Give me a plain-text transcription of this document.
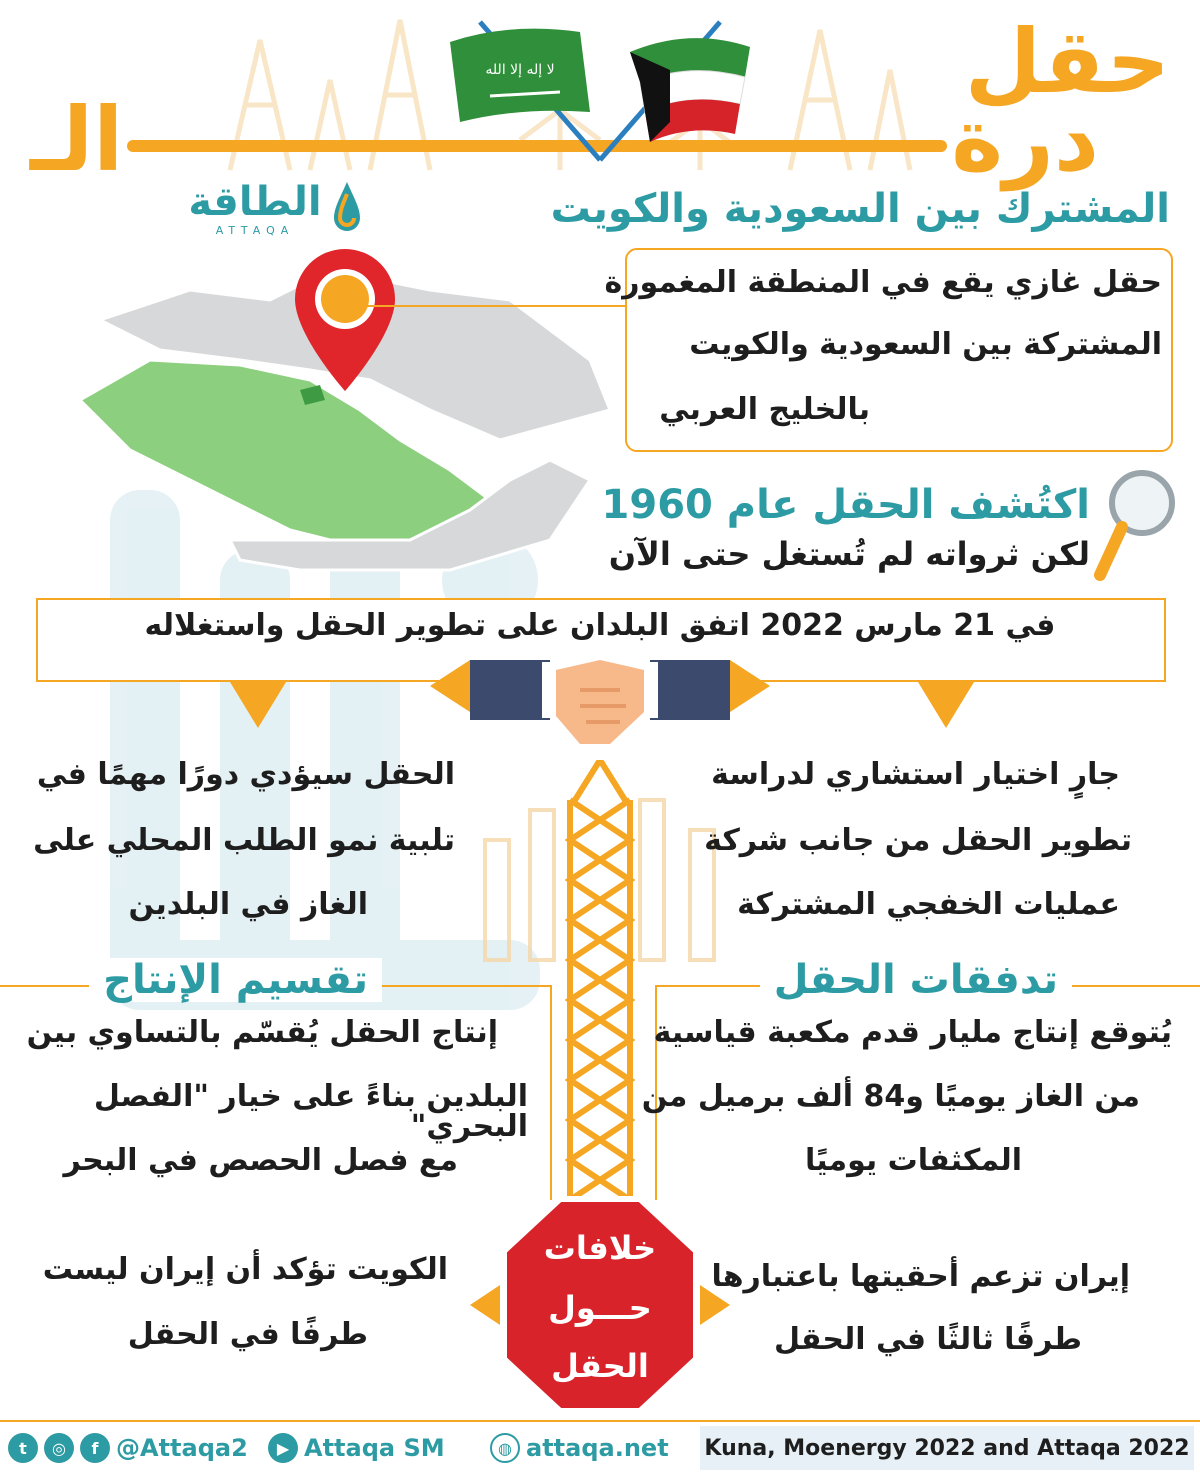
حقل
درةالـ
المشترك بين السعودية والكويت
الطاقة
ATTAQA
ﻻ إله إلا الله
حقل غازي يقع في المنطقة المغمورة
المشتركة بين السعودية والكويت
بالخليج العربي
اكتُشف الحقل عام 1960
لكن ثرواته لم تُستغل حتى الآن
في 21 مارس 2022 اتفق البلدان على تطوير الحقل واستغلاله
الحقل سيؤدي دورًا مهمًا في
تلبية نمو الطلب المحلي على
الغاز في البلدين
جارٍ اختيار استشاري لدراسة
تطوير الحقل من جانب شركة
عمليات الخفجي المشتركة
تقسيم الإنتاج
إنتاج الحقل يُقسّم بالتساوي بين
البلدين بناءً على خيار "الفصل البحري"
مع فصل الحصص في البحر
تدفقات الحقل
يُتوقع إنتاج مليار قدم مكعبة قياسية
من الغاز يوميًا و84 ألف برميل من
المكثفات يوميًا
خلافات
حـــول
الحقل
الكويت تؤكد أن إيران ليست
طرفًا في الحقل
إيران تزعم أحقيتها باعتبارها
طرفًا ثالثًا في الحقل
t	◎	f @Attaqa2	▶ Attaqa SM	◍ attaqa.net Kuna, Moenergy 2022 and Attaqa 2022
